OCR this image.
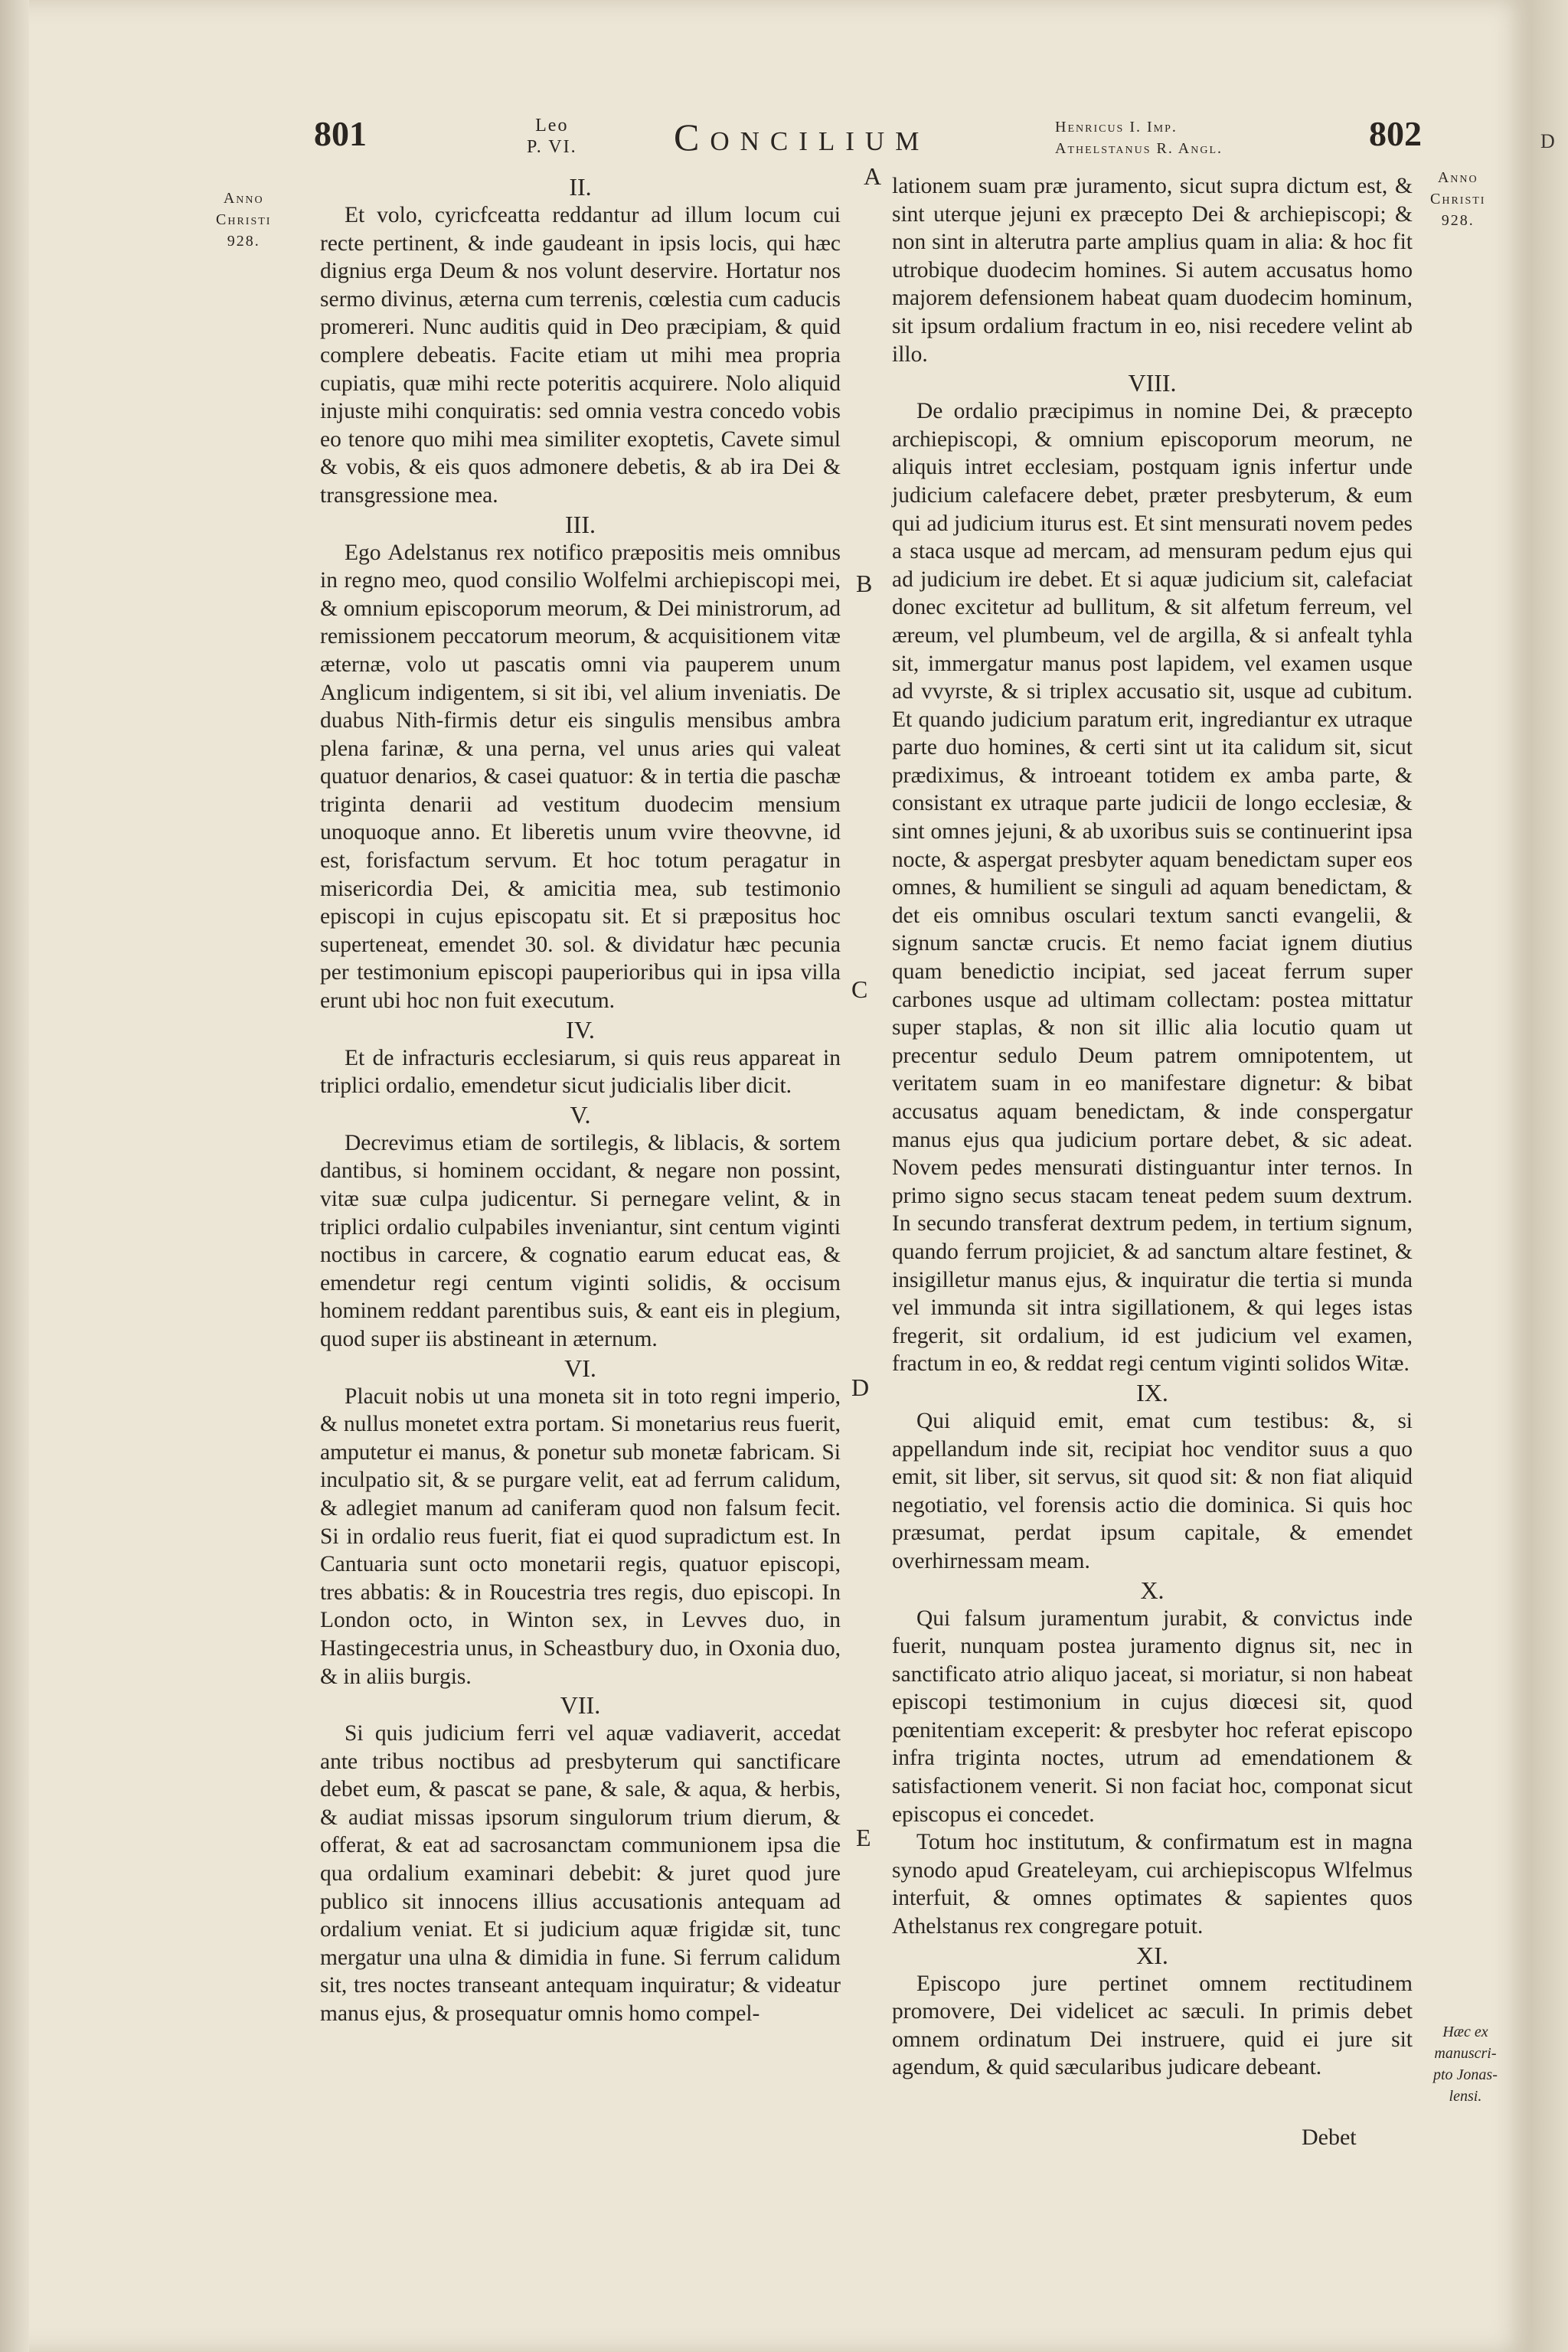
801	Leo
P. VI.	Concilium	Henricus I. Imp.
Athelstanus R. Angl.	802
Anno
Christi
928.
Anno
Christi
928.
Hæc ex
manuscri-
pto Jonas-
lensi.
A
B
C
D
E
II.

Et volo, cyricfceatta reddantur ad illum locum cui recte pertinent, & inde gaudeant in ipsis locis, qui hæc dignius erga Deum & nos volunt deservire. Hortatur nos sermo divinus, æterna cum terrenis, cœlestia cum caducis promereri. Nunc auditis quid in Deo præcipiam, & quid complere debeatis. Facite etiam ut mihi mea propria cupiatis, quæ mihi recte poteritis acquirere. Nolo aliquid injuste mihi conquiratis: sed omnia vestra concedo vobis eo tenore quo mihi mea similiter exoptetis, Cavete simul & vobis, & eis quos admonere debetis, & ab ira Dei & transgressione mea.

III.

Ego Adelstanus rex notifico præpositis meis omnibus in regno meo, quod consilio Wolfelmi archiepiscopi mei, & omnium episcoporum meorum, & Dei ministrorum, ad remissionem peccatorum meorum, & acquisitionem vitæ æternæ, volo ut pascatis omni via pauperem unum Anglicum indigentem, si sit ibi, vel alium inveniatis. De duabus Nith-firmis detur eis singulis mensibus ambra plena farinæ, & una perna, vel unus aries qui valeat quatuor denarios, & casei quatuor: & in tertia die paschæ triginta denarii ad vestitum duodecim mensium unoquoque anno. Et liberetis unum vvire theovvne, id est, forisfactum servum. Et hoc totum peragatur in misericordia Dei, & amicitia mea, sub testimonio episcopi in cujus episcopatu sit. Et si præpositus hoc superteneat, emendet 30. sol. & dividatur hæc pecunia per testimonium episcopi pauperioribus qui in ipsa villa erunt ubi hoc non fuit executum.

IV.

Et de infracturis ecclesiarum, si quis reus appareat in triplici ordalio, emendetur sicut judicialis liber dicit.

V.

Decrevimus etiam de sortilegis, & liblacis, & sortem dantibus, si hominem occidant, & negare non possint, vitæ suæ culpa judicentur. Si pernegare velint, & in triplici ordalio culpabiles inveniantur, sint centum viginti noctibus in carcere, & cognatio earum educat eas, & emendetur regi centum viginti solidis, & occisum hominem reddant parentibus suis, & eant eis in plegium, quod super iis abstineant in æternum.

VI.

Placuit nobis ut una moneta sit in toto regni imperio, & nullus monetet extra portam. Si monetarius reus fuerit, amputetur ei manus, & ponetur sub monetæ fabricam. Si inculpatio sit, & se purgare velit, eat ad ferrum calidum, & adlegiet manum ad caniferam quod non falsum fecit. Si in ordalio reus fuerit, fiat ei quod supradictum est. In Cantuaria sunt octo monetarii regis, quatuor episcopi, tres abbatis: & in Roucestria tres regis, duo episcopi. In London octo, in Winton sex, in Levves duo, in Hastingecestria unus, in Scheastbury duo, in Oxonia duo, & in aliis burgis.

VII.

Si quis judicium ferri vel aquæ vadiaverit, accedat ante tribus noctibus ad presbyterum qui sanctificare debet eum, & pascat se pane, & sale, & aqua, & herbis, & audiat missas ipsorum singulorum trium dierum, & offerat, & eat ad sacrosanctam communionem ipsa die qua ordalium examinari debebit: & juret quod jure publico sit innocens illius accusationis antequam ad ordalium veniat. Et si judicium aquæ frigidæ sit, tunc mergatur una ulna & dimidia in fune. Si ferrum calidum sit, tres noctes transeant antequam inquiratur; & videatur manus ejus, & prosequatur omnis homo compel-

lationem suam præ juramento, sicut supra dictum est, & sint uterque jejuni ex præcepto Dei & archiepiscopi; & non sint in alterutra parte amplius quam in alia: & hoc fit utrobique duodecim homines. Si autem accusatus homo majorem defensionem habeat quam duodecim hominum, sit ipsum ordalium fractum in eo, nisi recedere velint ab illo.

VIII.

De ordalio præcipimus in nomine Dei, & præcepto archiepiscopi, & omnium episcoporum meorum, ne aliquis intret ecclesiam, postquam ignis infertur unde judicium calefacere debet, præter presbyterum, & eum qui ad judicium iturus est. Et sint mensurati novem pedes a staca usque ad mercam, ad mensuram pedum ejus qui ad judicium ire debet. Et si aquæ judicium sit, calefaciat donec excitetur ad bullitum, & sit alfetum ferreum, vel æreum, vel plumbeum, vel de argilla, & si anfealt tyhla sit, immergatur manus post lapidem, vel examen usque ad vvyrste, & si triplex accusatio sit, usque ad cubitum. Et quando judicium paratum erit, ingrediantur ex utraque parte duo homines, & certi sint ut ita calidum sit, sicut prædiximus, & introeant totidem ex amba parte, & consistant ex utraque parte judicii de longo ecclesiæ, & sint omnes jejuni, & ab uxoribus suis se continuerint ipsa nocte, & aspergat presbyter aquam benedictam super eos omnes, & humilient se singuli ad aquam benedictam, & det eis omnibus osculari textum sancti evangelii, & signum sanctæ crucis. Et nemo faciat ignem diutius quam benedictio incipiat, sed jaceat ferrum super carbones usque ad ultimam collectam: postea mittatur super staplas, & non sit illic alia locutio quam ut precentur sedulo Deum patrem omnipotentem, ut veritatem suam in eo manifestare dignetur: & bibat accusatus aquam benedictam, & inde conspergatur manus ejus qua judicium portare debet, & sic adeat. Novem pedes mensurati distinguantur inter ternos. In primo signo secus stacam teneat pedem suum dextrum. In secundo transferat dextrum pedem, in tertium signum, quando ferrum projiciet, & ad sanctum altare festinet, & insigilletur manus ejus, & inquiratur die tertia si munda vel immunda sit intra sigillationem, & qui leges istas fregerit, sit ordalium, id est judicium vel examen, fractum in eo, & reddat regi centum viginti solidos Witæ.

IX.

Qui aliquid emit, emat cum testibus: &, si appellandum inde sit, recipiat hoc venditor suus a quo emit, sit liber, sit servus, sit quod sit: & non fiat aliquid negotiatio, vel forensis actio die dominica. Si quis hoc præsumat, perdat ipsum capitale, & emendet overhirnessam meam.

X.

Qui falsum juramentum jurabit, & convictus inde fuerit, nunquam postea juramento dignus sit, nec in sanctificato atrio aliquo jaceat, si moriatur, si non habeat episcopi testimonium in cujus diœcesi sit, quod pœnitentiam exceperit: & presbyter hoc referat episcopo infra triginta noctes, utrum ad emendationem & satisfactionem venerit. Si non faciat hoc, componat sicut episcopus ei concedet.

Totum hoc institutum, & confirmatum est in magna synodo apud Greateleyam, cui archiepiscopus Wlfelmus interfuit, & omnes optimates & sapientes quos Athelstanus rex congregare potuit.

XI.

Episcopo jure pertinet omnem rectitudinem promovere, Dei videlicet ac sæculi. In primis debet omnem ordinatum Dei instruere, quid ei jure sit agendum, & quid sæcularibus judicare debeant.

Debet
D
